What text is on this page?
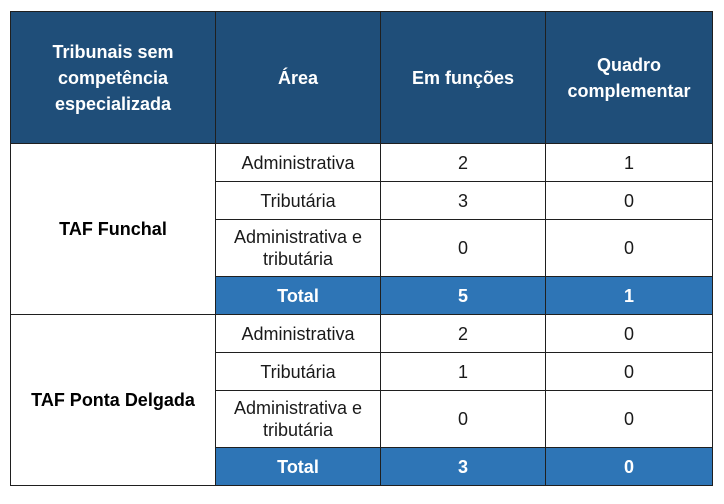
Tribunais sem competência especializada	Área	Em funções	Quadro complementar
TAF Funchal	Administrativa	2	1
	Tributária	3	0
	Administrativa e tributária	0	0
	Total	5	1
TAF Ponta Delgada	Administrativa	2	0
	Tributária	1	0
	Administrativa e tributária	0	0
	Total	3	0
